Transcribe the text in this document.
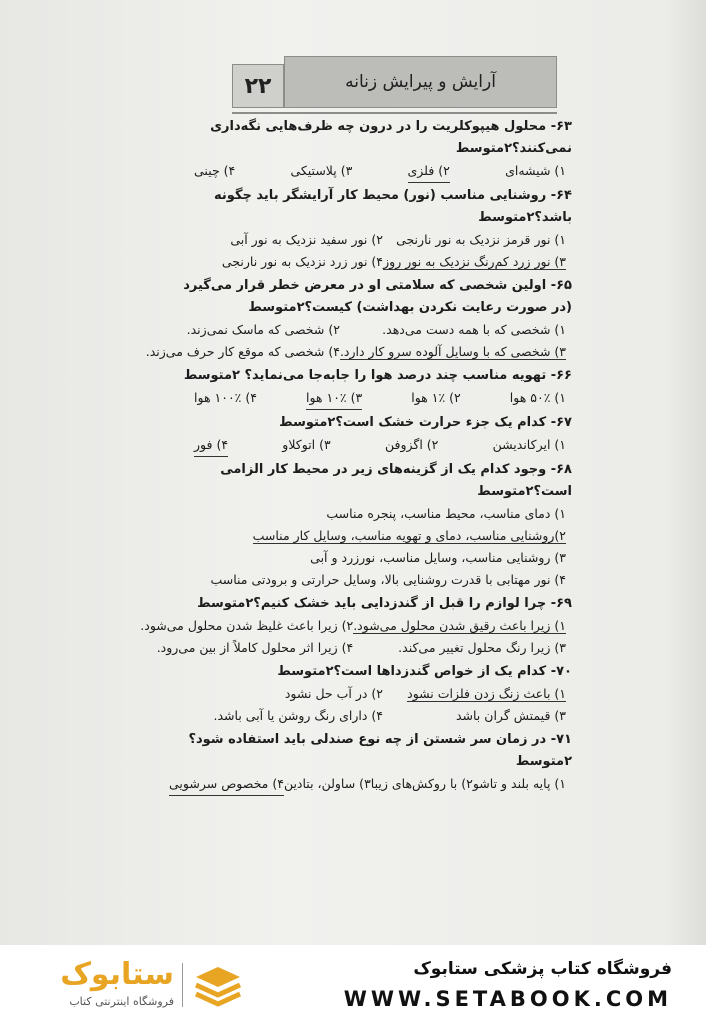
۲۲	آرایش و پیرایش زنانه

۶۳- محلول هیپوکلریت را در درون چه ظرف‌هایی نگه‌داری نمی‌کنند؟۲متوسط

۱) شیشه‌ای
۲) فلزی
۳) پلاستیکی
۴) چینی

۶۴- روشنایی مناسب (نور) محیط کار آرایشگر باید چگونه باشد؟۲متوسط

۱) نور قرمز نزدیک به نور نارنجی
۲) نور سفید نزدیک به نور آبی
۳) نور زرد کم‌رنگ نزدیک به نور روز
۴) نور زرد نزدیک به نور نارنجی

۶۵- اولین شخصی که سلامتی او در معرض خطر قرار می‌گیرد (در صورت رعایت نکردن بهداشت) کیست؟۲متوسط

۱) شخصی که با همه دست می‌دهد.
۲) شخصی که ماسک نمی‌زند.
۳) شخصی که با وسایل آلوده سرو کار دارد.
۴) شخصی که موقع کار حرف می‌زند.

۶۶- تهویه مناسب چند درصد هوا را جابه‌جا می‌نماید؟ ۲متوسط

۱) ۵۰٪ هوا
۲) ۱٪ هوا
۳) ۱۰٪ هوا
۴) ۱۰۰٪ هوا

۶۷- کدام یک جزء حرارت خشک است؟۲متوسط

۱) ایرکاندیشن
۲) اگزوفن
۳) اتوکلاو
۴) فور

۶۸- وجود کدام یک از گزینه‌های زیر در محیط کار الزامی است؟۲متوسط

۱) دمای مناسب، محیط مناسب، پنجره مناسب
۲)روشنایی مناسب، دمای و تهویه مناسب، وسایل کار مناسب
۳) روشنایی مناسب، وسایل مناسب، نورزرد و آبی
۴) نور مهتابی با قدرت روشنایی بالا، وسایل حرارتی و برودتی مناسب

۶۹- چرا لوازم را قبل از گندزدایی باید خشک کنیم؟۲متوسط

۱) زیرا باعث رقیق شدن محلول می‌شود.
۲) زیرا باعث غلیظ شدن محلول می‌شود.
۳) زیرا رنگ محلول تغییر می‌کند.
۴) زیرا اثر محلول کاملاً از بین می‌رود.

۷۰- کدام یک از خواص گندزداها است؟۲متوسط

۱) باعث زنگ زدن فلزات نشود
۲) در آب حل نشود
۳) قیمتش گران باشد
۴) دارای رنگ روشن یا آبی باشد.

۷۱- در زمان سر شستن از چه نوع صندلی باید استفاده شود؟۲متوسط

۱) پایه بلند و تاشو
۲) با روکش‌های زیبا
۳) ساولن، بتادین
۴) مخصوص سرشویی
ستابوک
فروشگاه اینترنتی کتاب
فروشگاه کتاب پزشکی ستابوک
WWW.SETABOOK.COM
